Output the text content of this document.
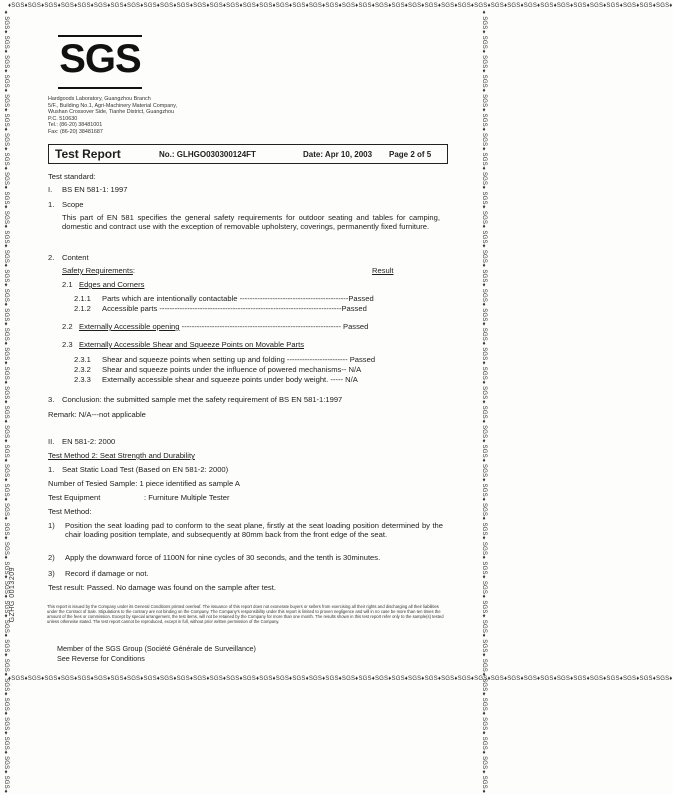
♦SGS♦SGS♦SGS♦SGS♦SGS♦SGS♦SGS♦SGS♦SGS♦SGS♦SGS♦SGS♦SGS♦SGS♦SGS♦SGS♦SGS♦SGS♦SGS♦SGS♦SGS♦SGS♦SGS♦SGS♦SGS♦SGS♦SGS♦SGS♦SGS♦SGS♦SGS♦SGS♦SGS♦SGS♦SGS♦SGS♦SGS♦SGS♦SGS♦SGS♦
♦SGS♦SGS♦SGS♦SGS♦SGS♦SGS♦SGS♦SGS♦SGS♦SGS♦SGS♦SGS♦SGS♦SGS♦SGS♦SGS♦SGS♦SGS♦SGS♦SGS♦SGS♦SGS♦SGS♦SGS♦SGS♦SGS♦SGS♦SGS♦SGS♦SGS♦SGS♦SGS♦SGS♦SGS♦SGS♦SGS♦SGS♦SGS♦SGS♦SGS♦
♦SGS♦SGS♦SGS♦SGS♦SGS♦SGS♦SGS♦SGS♦SGS♦SGS♦SGS♦SGS♦SGS♦SGS♦SGS♦SGS♦SGS♦SGS♦SGS♦SGS♦SGS♦SGS♦SGS♦SGS♦SGS♦SGS♦SGS♦SGS♦SGS♦SGS♦SGS♦SGS♦SGS♦SGS♦SGS♦SGS♦SGS♦SGS♦SGS♦SGS♦	♦SGS♦SGS♦SGS♦SGS♦SGS♦SGS♦SGS♦SGS♦SGS♦SGS♦SGS♦SGS♦SGS♦SGS♦SGS♦SGS♦SGS♦SGS♦SGS♦SGS♦SGS♦SGS♦SGS♦SGS♦SGS♦SGS♦SGS♦SGS♦SGS♦SGS♦SGS♦SGS♦SGS♦SGS♦SGS♦SGS♦SGS♦SGS♦SGS♦SGS♦
SGS
Hardgoods Laboratory, Guangzhou Branch
5/F., Building No.1, Agri-Machinery Material Company,
Wushan Crossover Side, Tianhe District, Guangzhou
P.C. 510630
Tel.: (86-20) 38481001
Fax: (86-20) 38481687
Test Report	No.: GLHGO030300124FT	Date: Apr 10, 2003 Page 2 of 5
Test standard:
I. BS EN 581-1: 1997
1. Scope
This part of EN 581 specifies the general safety requirements for outdoor seating and tables for camping, domestic and contract use with the exception of removable upholstery, coverings, permanently fixed furniture.
2. Content
Safety Requirements:	Result
2.1 Edges and Corners
2.1.1 Parts which are intentionally contactable -------------------------------------------Passed
2.1.2 Accessible parts ------------------------------------------------------------------------Passed
2.2 Externally Accessible opening --------------------------------------------------------------- Passed
2.3 Externally Accessible Shear and Squeeze Points on Movable Parts
2.3.1 Shear and squeeze points when setting up and folding ------------------------ Passed
2.3.2 Shear and squeeze points under the influence of powered mechanisms-- N/A
2.3.3 Externally accessible shear and squeeze points under body weight. ----- N/A
3. Conclusion: the submitted sample met the safety requirement of BS EN 581-1:1997
Remark: N/A---not applicable
II. EN 581-2: 2000
Test Method 2: Seat Strength and Durability
1. Seat Static Load Test (Based on EN 581-2: 2000)
Number of Tesied Sample: 1 piece identified as sample A
Test Equipment	: Furniture Multiple Tester
Test Method:
1) Position the seat loading pad to conform to the seat plane, firstly at the seat loading position determined by the chair loading position template, and subsequently at 80mm back from the front edge of the seat.
2) Apply the downward force of 1100N for nine cycles of 30 seconds, and the tenth is 30minutes.
3) Record if damage or not.
Test result: Passed. No damage was found on the sample after test.
This report is issued by the Company under its General Conditions printed overleaf. The issuance of this report does not exonerate buyers or sellers from exercising all their rights and discharging all their liabilities under the Contract of Sale. Stipulations to the contrary are not binding on the Company. The Company's responsibility under this report is limited to proven negligence and will in no case be more than ten times the amount of the fees or commission. Except by special arrangement, the test items, will not be retained by the Company for more than one month. The results shown in this test report refer only to the sample(s) tested unless otherwise stated. The test report cannot be reproduced, except in full, without prior written permission of the Company.
Member of the SGS Group (Société Générale de Surveillance)
See Reverse for Conditions
GZHG 0013209
